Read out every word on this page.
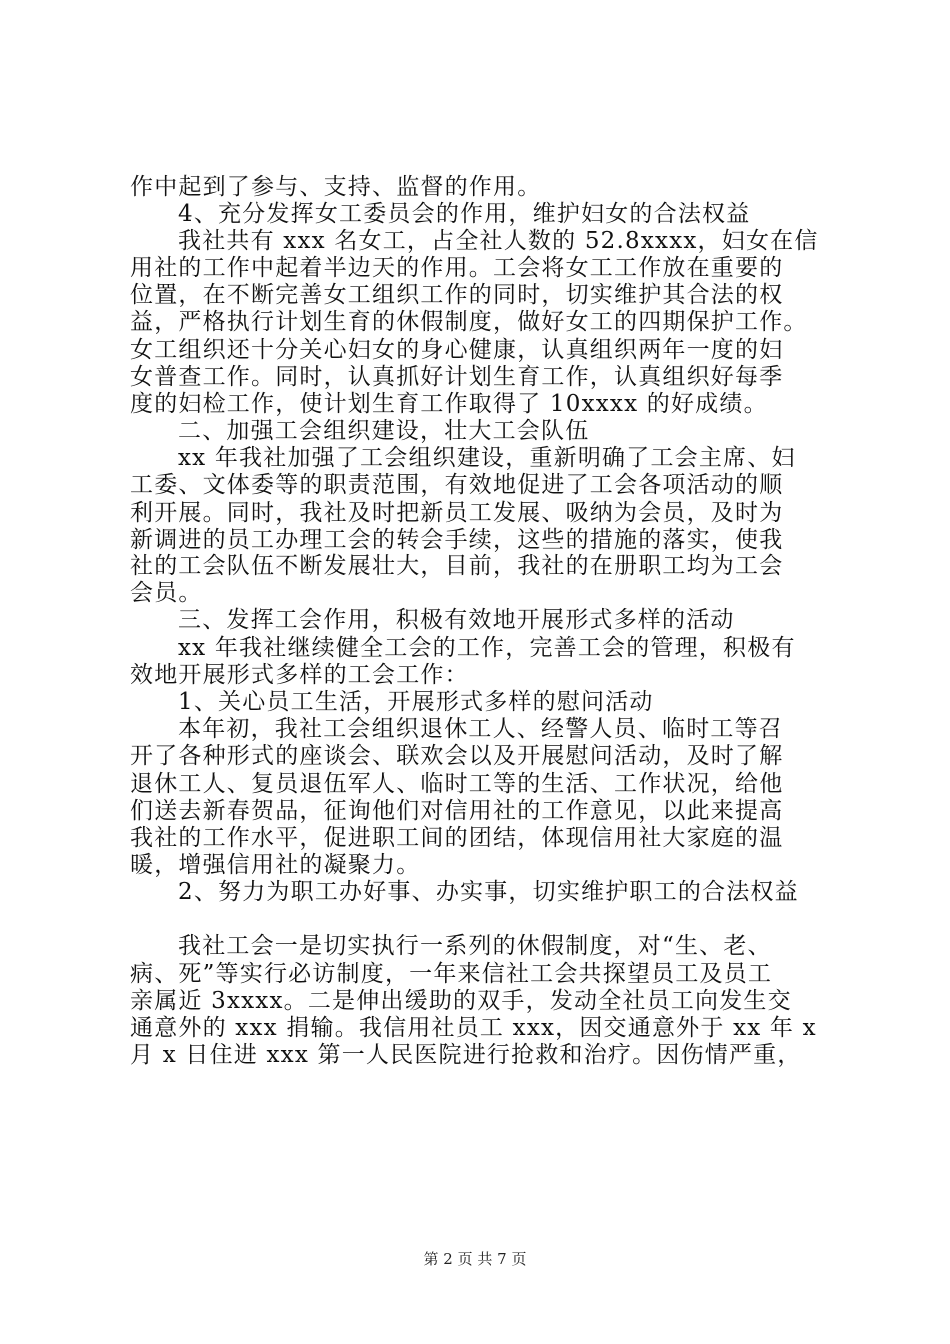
作中起到了参与、支持、监督的作用。
4、充分发挥女工委员会的作用，维护妇女的合法权益
我社共有 xxx 名女工，占全社人数的 52.8xxxx，妇女在信
用社的工作中起着半边天的作用。工会将女工工作放在重要的
位置，在不断完善女工组织工作的同时，切实维护其合法的权
益，严格执行计划生育的休假制度，做好女工的四期保护工作。
女工组织还十分关心妇女的身心健康，认真组织两年一度的妇
女普查工作。同时，认真抓好计划生育工作，认真组织好每季
度的妇检工作，使计划生育工作取得了 10xxxx 的好成绩。
二、加强工会组织建设，壮大工会队伍
xx 年我社加强了工会组织建设，重新明确了工会主席、妇
工委、文体委等的职责范围，有效地促进了工会各项活动的顺
利开展。同时，我社及时把新员工发展、吸纳为会员，及时为
新调进的员工办理工会的转会手续，这些的措施的落实，使我
社的工会队伍不断发展壮大，目前，我社的在册职工均为工会
会员。
三、发挥工会作用，积极有效地开展形式多样的活动
xx 年我社继续健全工会的工作，完善工会的管理，积极有
效地开展形式多样的工会工作：
1、关心员工生活，开展形式多样的慰问活动
本年初，我社工会组织退休工人、经警人员、临时工等召
开了各种形式的座谈会、联欢会以及开展慰问活动，及时了解
退休工人、复员退伍军人、临时工等的生活、工作状况，给他
们送去新春贺品，征询他们对信用社的工作意见，以此来提高
我社的工作水平，促进职工间的团结，体现信用社大家庭的温
暖，增强信用社的凝聚力。
2、努力为职工办好事、办实事，切实维护职工的合法权益
我社工会一是切实执行一系列的休假制度，对“生、老、
病、死”等实行必访制度，一年来信社工会共探望员工及员工
亲属近 3xxxx。二是伸出缓助的双手，发动全社员工向发生交
通意外的 xxx 捐输。我信用社员工 xxx，因交通意外于 xx 年 x
月 x 日住进 xxx 第一人民医院进行抢救和治疗。因伤情严重，
第 2 页 共 7 页
